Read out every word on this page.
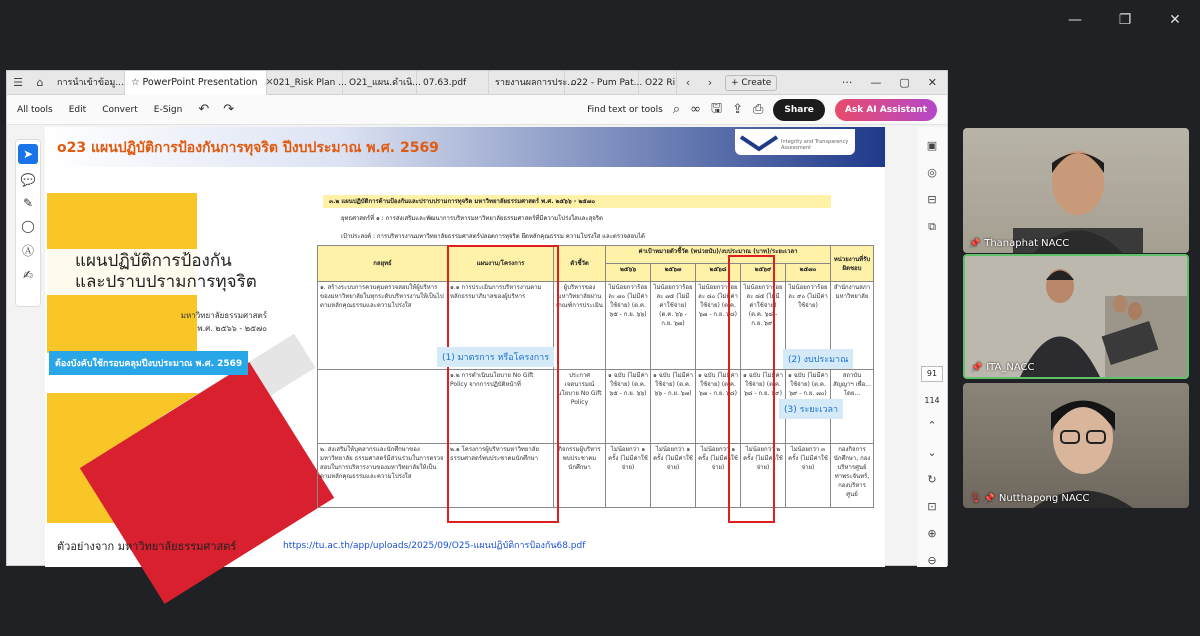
—	❐	✕
☰	⌂	การนำเข้าข้อมู... ☆ PowerPoint Presentation ✕ 021_Risk Plan ... O21_แผน.ดำเนิ... 07.63.pdf	รายงานผลการประ...
o22 - Pum Pat... O22 Ri ‹	›	+ Create	··· — ▢ ✕
All tools Edit Convert E-Sign ↶ ↷	Find text or tools ⌕ ∞ 🖫 ⇪ ⎙	Share	Ask AI Assistant
➤
💬
✎
◯
Ⓐ
✍
o23 แผนปฏิบัติการป้องกันการทุจริต ปีงบประมาณ พ.ศ. 2569	Integrity and Transparency Assessment
แผนปฏิบัติการป้องกัน
และปราบปรามการทุจริต
มหาวิทยาลัยธรรมศาสตร์
พ.ศ. ๒๕๖๖ - ๒๕๗๐
ต้องบังคับใช้กรอบคลุมปีงบประมาณ พ.ศ. 2569
ตัวอย่างจาก มหาวิทยาลัยธรรมศาสตร์	https://tu.ac.th/app/uploads/2025/09/O25-แผนปฏิบัติการป้องกัน68.pdf
๓.๒ แผนปฏิบัติการด้านป้องกันและปราบปรามการทุจริต มหาวิทยาลัยธรรมศาสตร์ พ.ศ. ๒๕๖๖ - ๒๕๗๐
ยุทธศาสตร์ที่ ๑ : การส่งเสริมและพัฒนาการบริหารมหาวิทยาลัยธรรมศาสตร์ที่มีความโปร่งใสและสุจริต
เป้าประสงค์ : การบริหารงานมหาวิทยาลัยธรรมศาสตร์ปลอดการทุจริต ยึดหลักคุณธรรม ความโปร่งใส และตรวจสอบได้
กลยุทธ์	แผนงาน/โครงการ	ตัวชี้วัด	ค่าเป้าหมายตัวชี้วัด (หน่วยนับ)/งบประมาณ (บาท)/ระยะเวลา					หน่วยงานที่รับผิดชอบ
			๒๕๖๖	๒๕๖๗	๒๕๖๘	๒๕๖๙	๒๕๗๐	
๑. สร้างระบบการควบคุมตรวจสอบให้ผู้บริหารของมหาวิทยาลัยในทุกระดับบริหารงานให้เป็นไปตามหลักคุณธรรมและความโปร่งใส	๑.๑ การประเมินการบริหารงานตามหลักธรรมาภิบาลของผู้บริหาร	ผู้บริหารของมหาวิทยาลัยผ่านเกณฑ์การประเมิน	ไม่น้อยกว่าร้อยละ ๗๐ (ไม่มีค่าใช้จ่าย) (ต.ค. ๖๕ - ก.ย. ๖๖)	ไม่น้อยกว่าร้อยละ ๗๕ (ไม่มีค่าใช้จ่าย) (ต.ค. ๖๖ - ก.ย. ๖๗)	ไม่น้อยกว่าร้อยละ ๘๐ (ไม่มีค่าใช้จ่าย) (ต.ค. ๖๗ - ก.ย. ๖๘)	ไม่น้อยกว่าร้อยละ ๘๕ (ไม่มีค่าใช้จ่าย) (ต.ค. ๖๘ - ก.ย. ๖๙)	ไม่น้อยกว่าร้อยละ ๙๐ (ไม่มีค่าใช้จ่าย)	สำนักงานสภามหาวิทยาลัย
	๑.๒ การดำเนินนโยบาย No Gift Policy จากการปฏิบัติหน้าที่	ประกาศเจตนารมณ์นโยบาย No Gift Policy	๑ ฉบับ (ไม่มีค่าใช้จ่าย) (ต.ค. ๖๕ - ก.ย. ๖๖)	๑ ฉบับ (ไม่มีค่าใช้จ่าย) (ต.ค. ๖๖ - ก.ย. ๖๗)	๑ ฉบับ (ไม่มีค่าใช้จ่าย) (ต.ค. ๖๗ - ก.ย. ๖๘)	๑ ฉบับ (ไม่มีค่าใช้จ่าย) (ต.ค. ๖๘ - ก.ย. ๖๙)	๑ ฉบับ (ไม่มีค่าใช้จ่าย) (ต.ค. ๖๙ - ก.ย. ๗๐)	สถาบันสัญญาฯ เพื่อ... โดย...
๒. ส่งเสริมให้บุคลากรและนักศึกษาของมหาวิทยาลัย ธรรมศาสตร์มีส่วนร่วมในการตรวจสอบในการบริหารงานของมหาวิทยาลัยให้เป็นตามหลักคุณธรรมและความโปร่งใส	๒.๑ โครงการผู้บริหารมหาวิทยาลัยธรรมศาสตร์พบประชาคมนักศึกษา	กิจกรรมผู้บริหารพบประชาคมนักศึกษา	ไม่น้อยกว่า ๑ ครั้ง (ไม่มีค่าใช้จ่าย)	ไม่น้อยกว่า ๑ ครั้ง (ไม่มีค่าใช้จ่าย)	ไม่น้อยกว่า ๑ ครั้ง (ไม่มีค่าใช้จ่าย)	ไม่น้อยกว่า ๒ ครั้ง (ไม่มีค่าใช้จ่าย)	ไม่น้อยกว่า ๓ ครั้ง (ไม่มีค่าใช้จ่าย)	กองกิจการนักศึกษา, กองบริหารศูนย์ท่าพระจันทร์, กองบริหารศูนย์
(1) มาตรการ หรือโครงการ	(2) งบประมาณ
(3) ระยะเวลา
▣
◎
⊟
⧉
91
114
⌃
⌄
↻
⊡
⊕
⊖
📌 Thanaphat NACC
📌 ITA_NACC
🎙 📌 Nutthapong NACC
